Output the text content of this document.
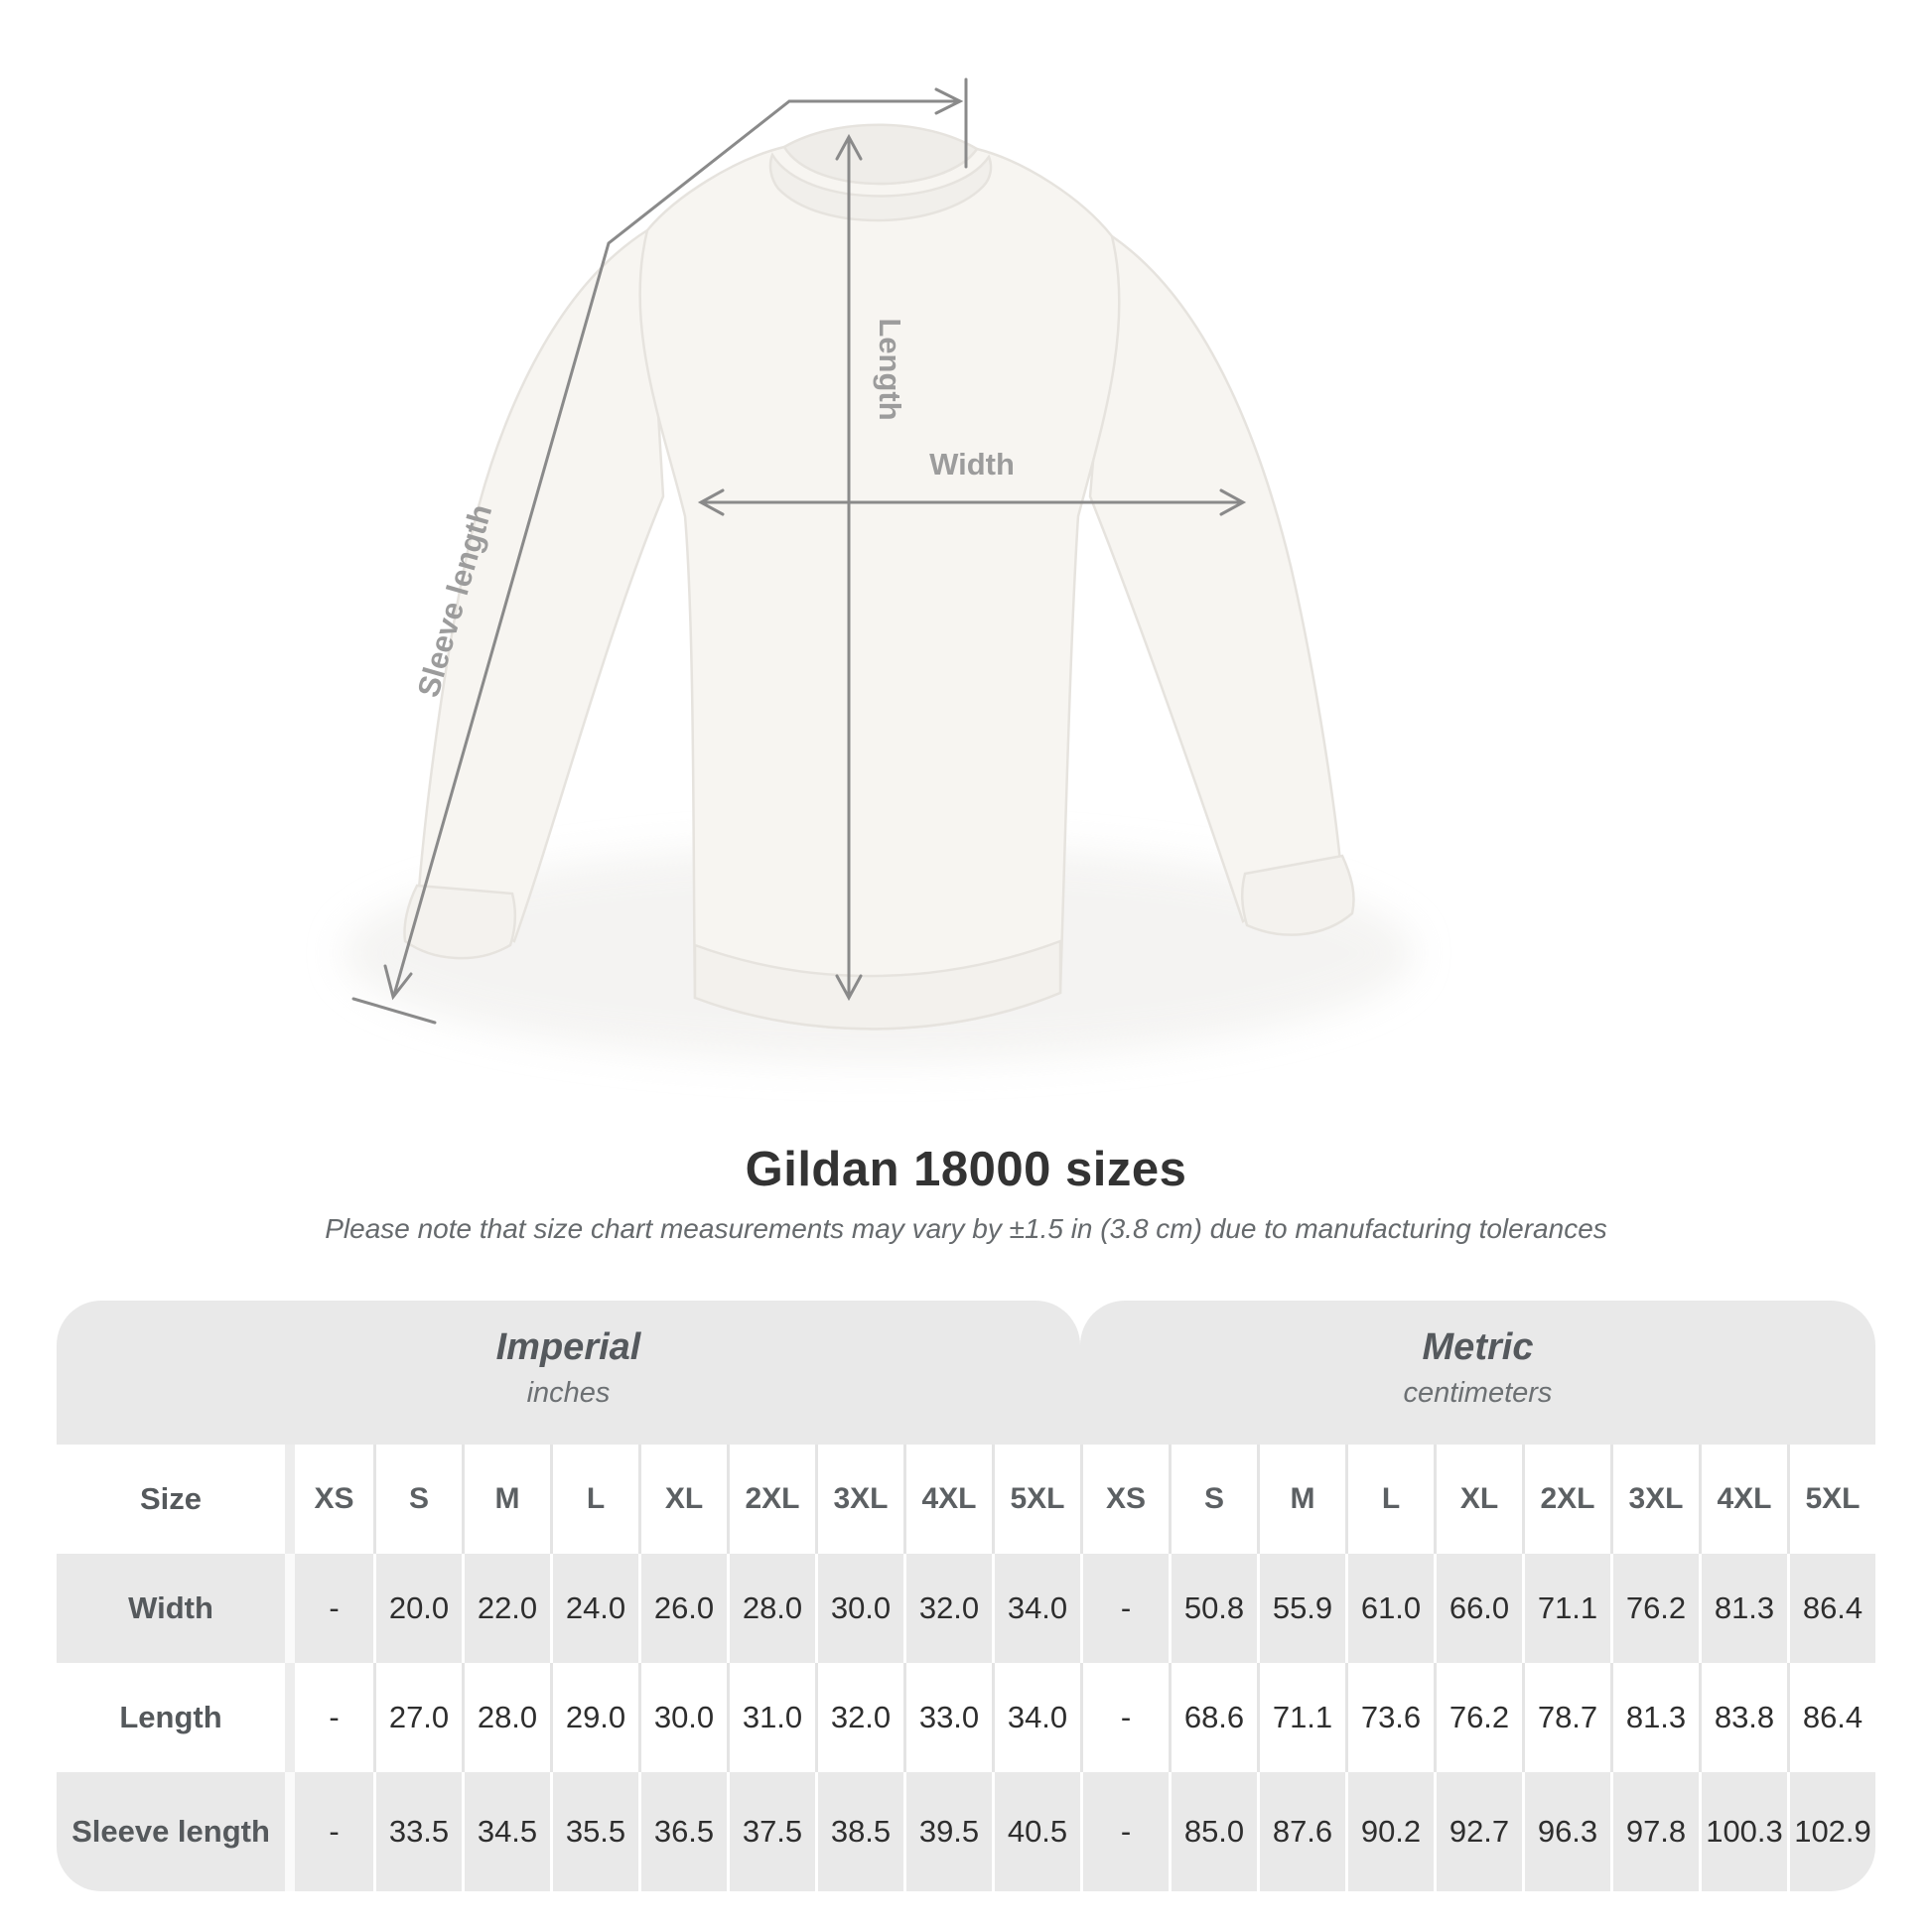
Width
Length
Sleeve length
Gildan 18000 sizes
Please note that size chart measurements may vary by ±1.5 in (3.8 cm) due to manufacturing tolerances
Imperial
inches
Metric
centimeters
Size	XS	S	M	L	XL	2XL	3XL	4XL	5XL	XS	S	M	L	XL	2XL	3XL	4XL	5XL
Width	-	20.0 22.0 24.0 26.0 28.0 30.0 32.0 34.0	-	50.8 55.9 61.0 66.0 71.1 76.2 81.3 86.4
Length	-	27.0 28.0 29.0 30.0 31.0 32.0 33.0 34.0	-	68.6 71.1 73.6 76.2 78.7 81.3 83.8 86.4
Sleeve length	-	33.5 34.5 35.5 36.5 37.5 38.5 39.5 40.5	-	85.0 87.6 90.2 92.7 96.3 97.8 100.3 102.9
